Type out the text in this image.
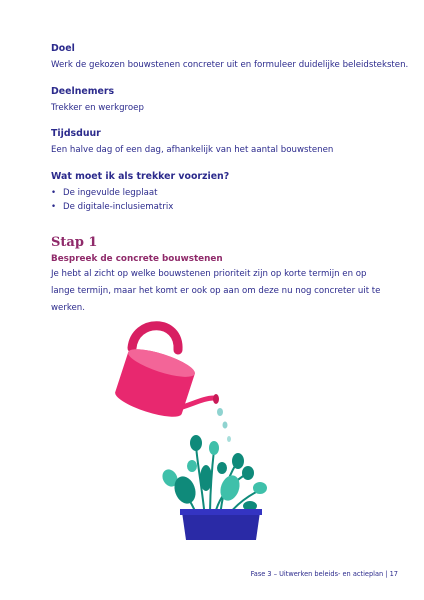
Doel

Werk de gekozen bouwstenen concreter uit en formuleer duidelijke beleidsteksten.

Deelnemers

Trekker en werkgroep

Tijdsduur

Een halve dag of een dag, afhankelijk van het aantal bouwstenen

Wat moet ik als trekker voorzien?

• De ingevulde legplaat
• De digitale-inclusiematrix

Stap 1

Bespreek de concrete bouwstenen

Je hebt al zicht op welke bouwstenen prioriteit zijn op korte termijn en op lange termijn, maar het komt er ook op aan om deze nu nog concreter uit te werken.

Fase 3 – Uitwerken beleids- en actieplan | 17
